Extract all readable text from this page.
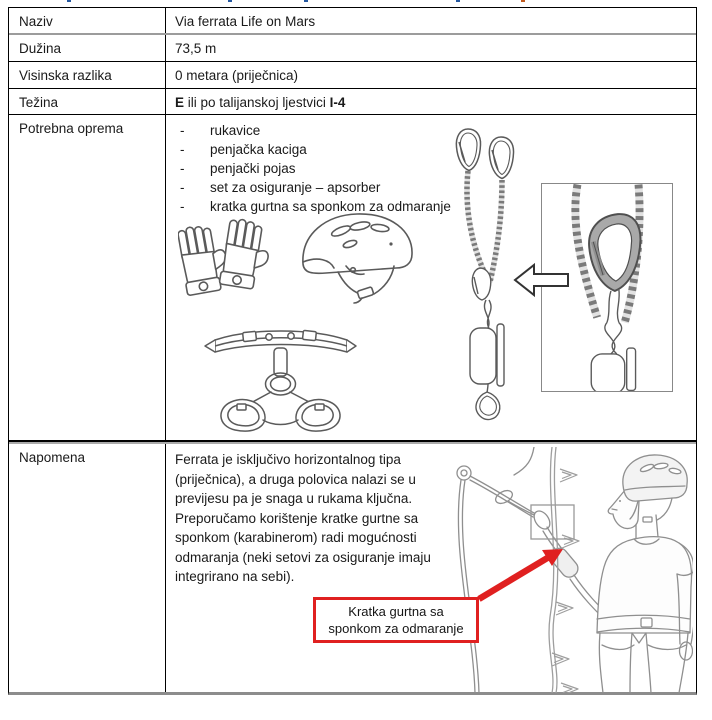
Naziv	Via ferrata Life on Mars
Dužina	73,5 m
Visinska razlika	0 metara (priječnica)
Težina	E ili po talijanskoj ljestvici I-4
Potrebna oprema	-	rukavice
-	penjačka kaciga
-	penjački pojas
-	set za osiguranje – apsorber
-	kratka gurtna sa sponkom za odmaranje
Napomena	Ferrata je isključivo horizontalnog tipa (priječnica), a druga polovica nalazi se u previjesu pa je snaga u rukama ključna. Preporučamo korištenje kratke gurtne sa sponkom (karabinerom) radi mogućnosti odmaranja (neki setovi za osiguranje imaju integrirano na sebi).
Kratka gurtna sa
sponkom za odmaranje
